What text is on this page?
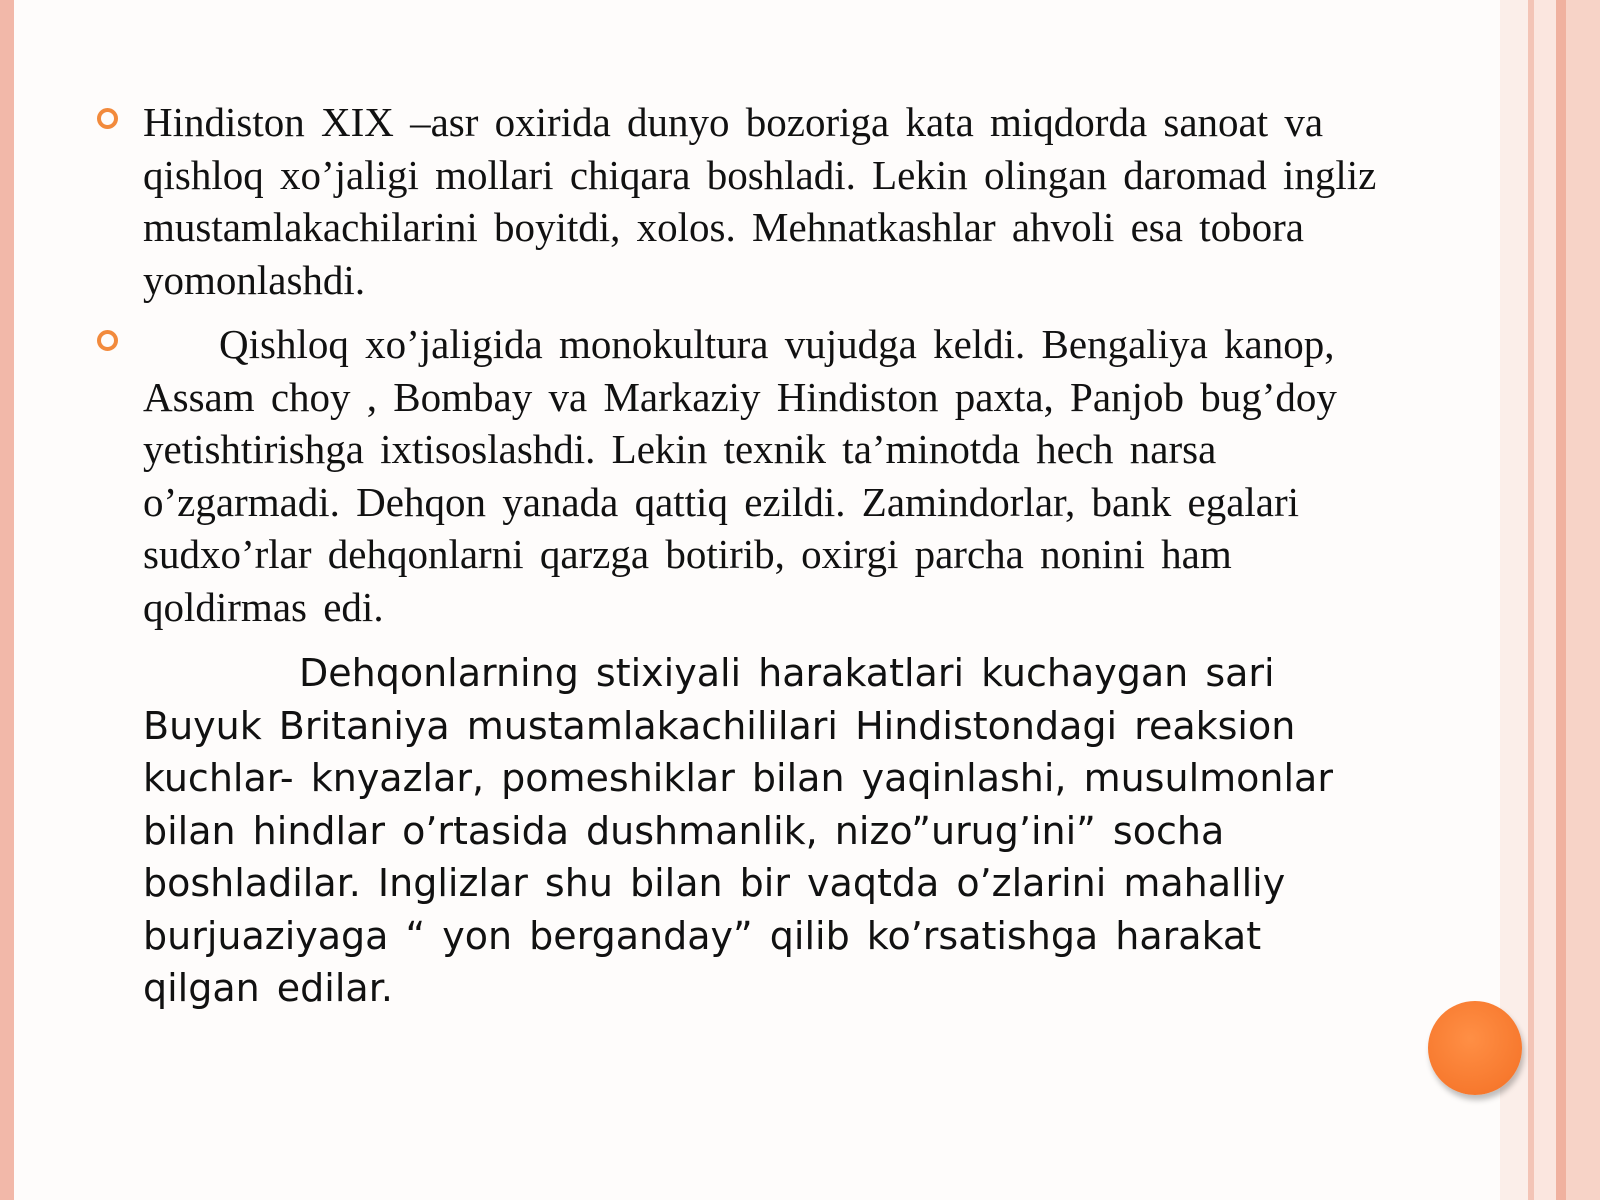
Hindiston XIX –asr oxirida dunyo bozoriga kata miqdorda sanoat va
qishloq xo’jaligi mollari chiqara boshladi. Lekin olingan daromad ingliz
mustamlakachilarini boyitdi, xolos. Mehnatkashlar ahvoli esa tobora
yomonlashdi.
Qishloq xo’jaligida monokultura vujudga keldi. Bengaliya kanop,
Assam choy , Bombay va Markaziy Hindiston paxta, Panjob bug’doy
yetishtirishga ixtisoslashdi. Lekin texnik ta’minotda hech narsa
o’zgarmadi. Dehqon yanada qattiq ezildi. Zamindorlar, bank egalari
sudxo’rlar dehqonlarni qarzga botirib, oxirgi parcha nonini ham
qoldirmas edi.
Dehqonlarning stixiyali harakatlari kuchaygan sari
Buyuk Britaniya mustamlakachililari Hindistondagi reaksion
kuchlar- knyazlar, pomeshiklar bilan yaqinlashi, musulmonlar
bilan hindlar o’rtasida dushmanlik, nizo”urug’ini” socha
boshladilar. Inglizlar shu bilan bir vaqtda o’zlarini mahalliy
burjuaziyaga “ yon berganday” qilib ko’rsatishga harakat
qilgan edilar.
